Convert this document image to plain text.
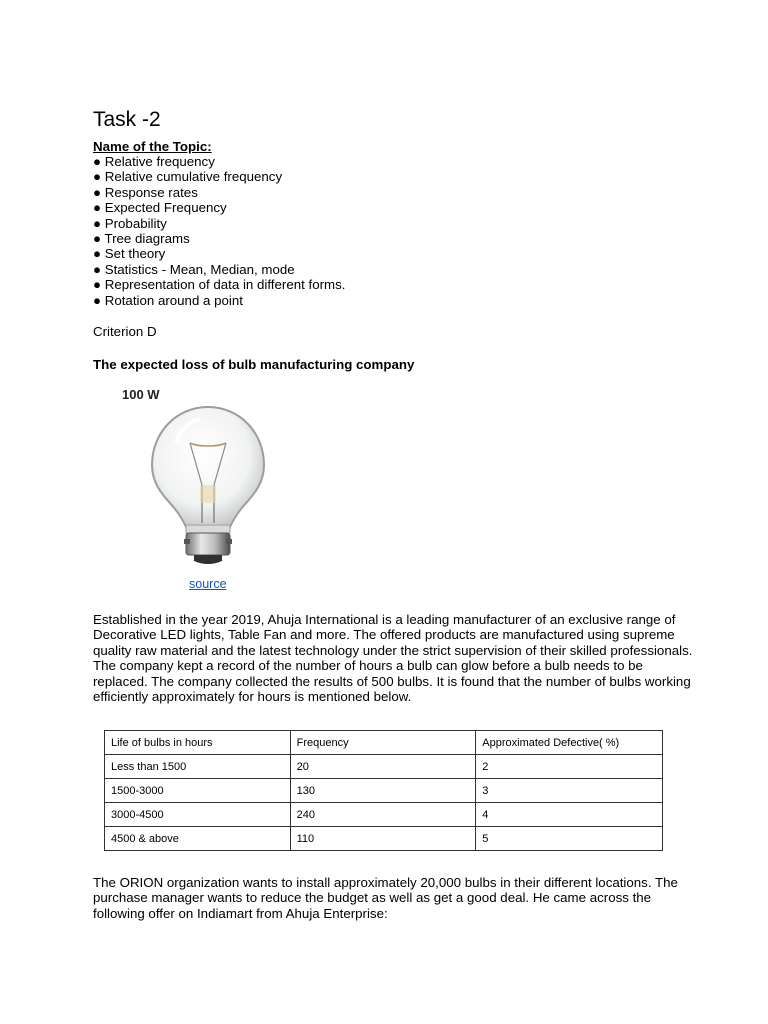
Task -2
Name of the Topic:
● Relative frequency
● Relative cumulative frequency
● Response rates
● Expected Frequency
● Probability
● Tree diagrams
● Set theory
● Statistics - Mean, Median, mode
● Representation of data in different forms.
● Rotation around a point
Criterion D
The expected loss of bulb manufacturing company
100 W
source

Established in the year 2019, Ahuja International is a leading manufacturer of an exclusive range of Decorative LED lights, Table Fan and more. The offered products are manufactured using supreme quality raw material and the latest technology under the strict supervision of their skilled professionals. The company kept a record of the number of hours a bulb can glow before a bulb needs to be replaced. The company collected the results of 500 bulbs. It is found that the number of bulbs working efficiently approximately for hours is mentioned below.

Life of bulbs in hours	Frequency	Approximated Defective( %)
Less than 1500	20	2
1500-3000	130	3
3000-4500	240	4
4500 & above	110	5

The ORION organization wants to install approximately 20,000 bulbs in their different locations. The purchase manager wants to reduce the budget as well as get a good deal. He came across the following offer on Indiamart from Ahuja Enterprise:
